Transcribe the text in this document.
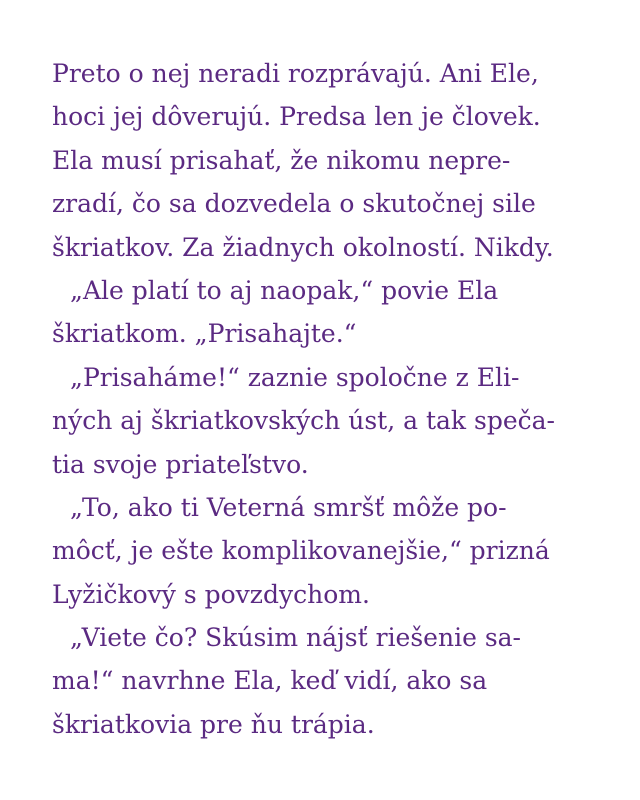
Preto o nej neradi rozprávajú. Ani Ele,
hoci jej dôverujú. Predsa len je človek.
Ela musí prisahať, že nikomu nepre-
zradí, čo sa dozvedela o skutočnej sile
škriatkov. Za žiadnych okolností. Nikdy.
„Ale platí to aj naopak,“ povie Ela
škriatkom. „Prisahajte.“
„Prisaháme!“ zaznie spoločne z Eli-
ných aj škriatkovských úst, a tak speča-
tia svoje priateľstvo.
„To, ako ti Veterná smršť môže po-
môcť, je ešte komplikovanejšie,“ prizná
Lyžičkový s povzdychom.
„Viete čo? Skúsim nájsť riešenie sa-
ma!“ navrhne Ela, keď vidí, ako sa
škriatkovia pre ňu trápia.
